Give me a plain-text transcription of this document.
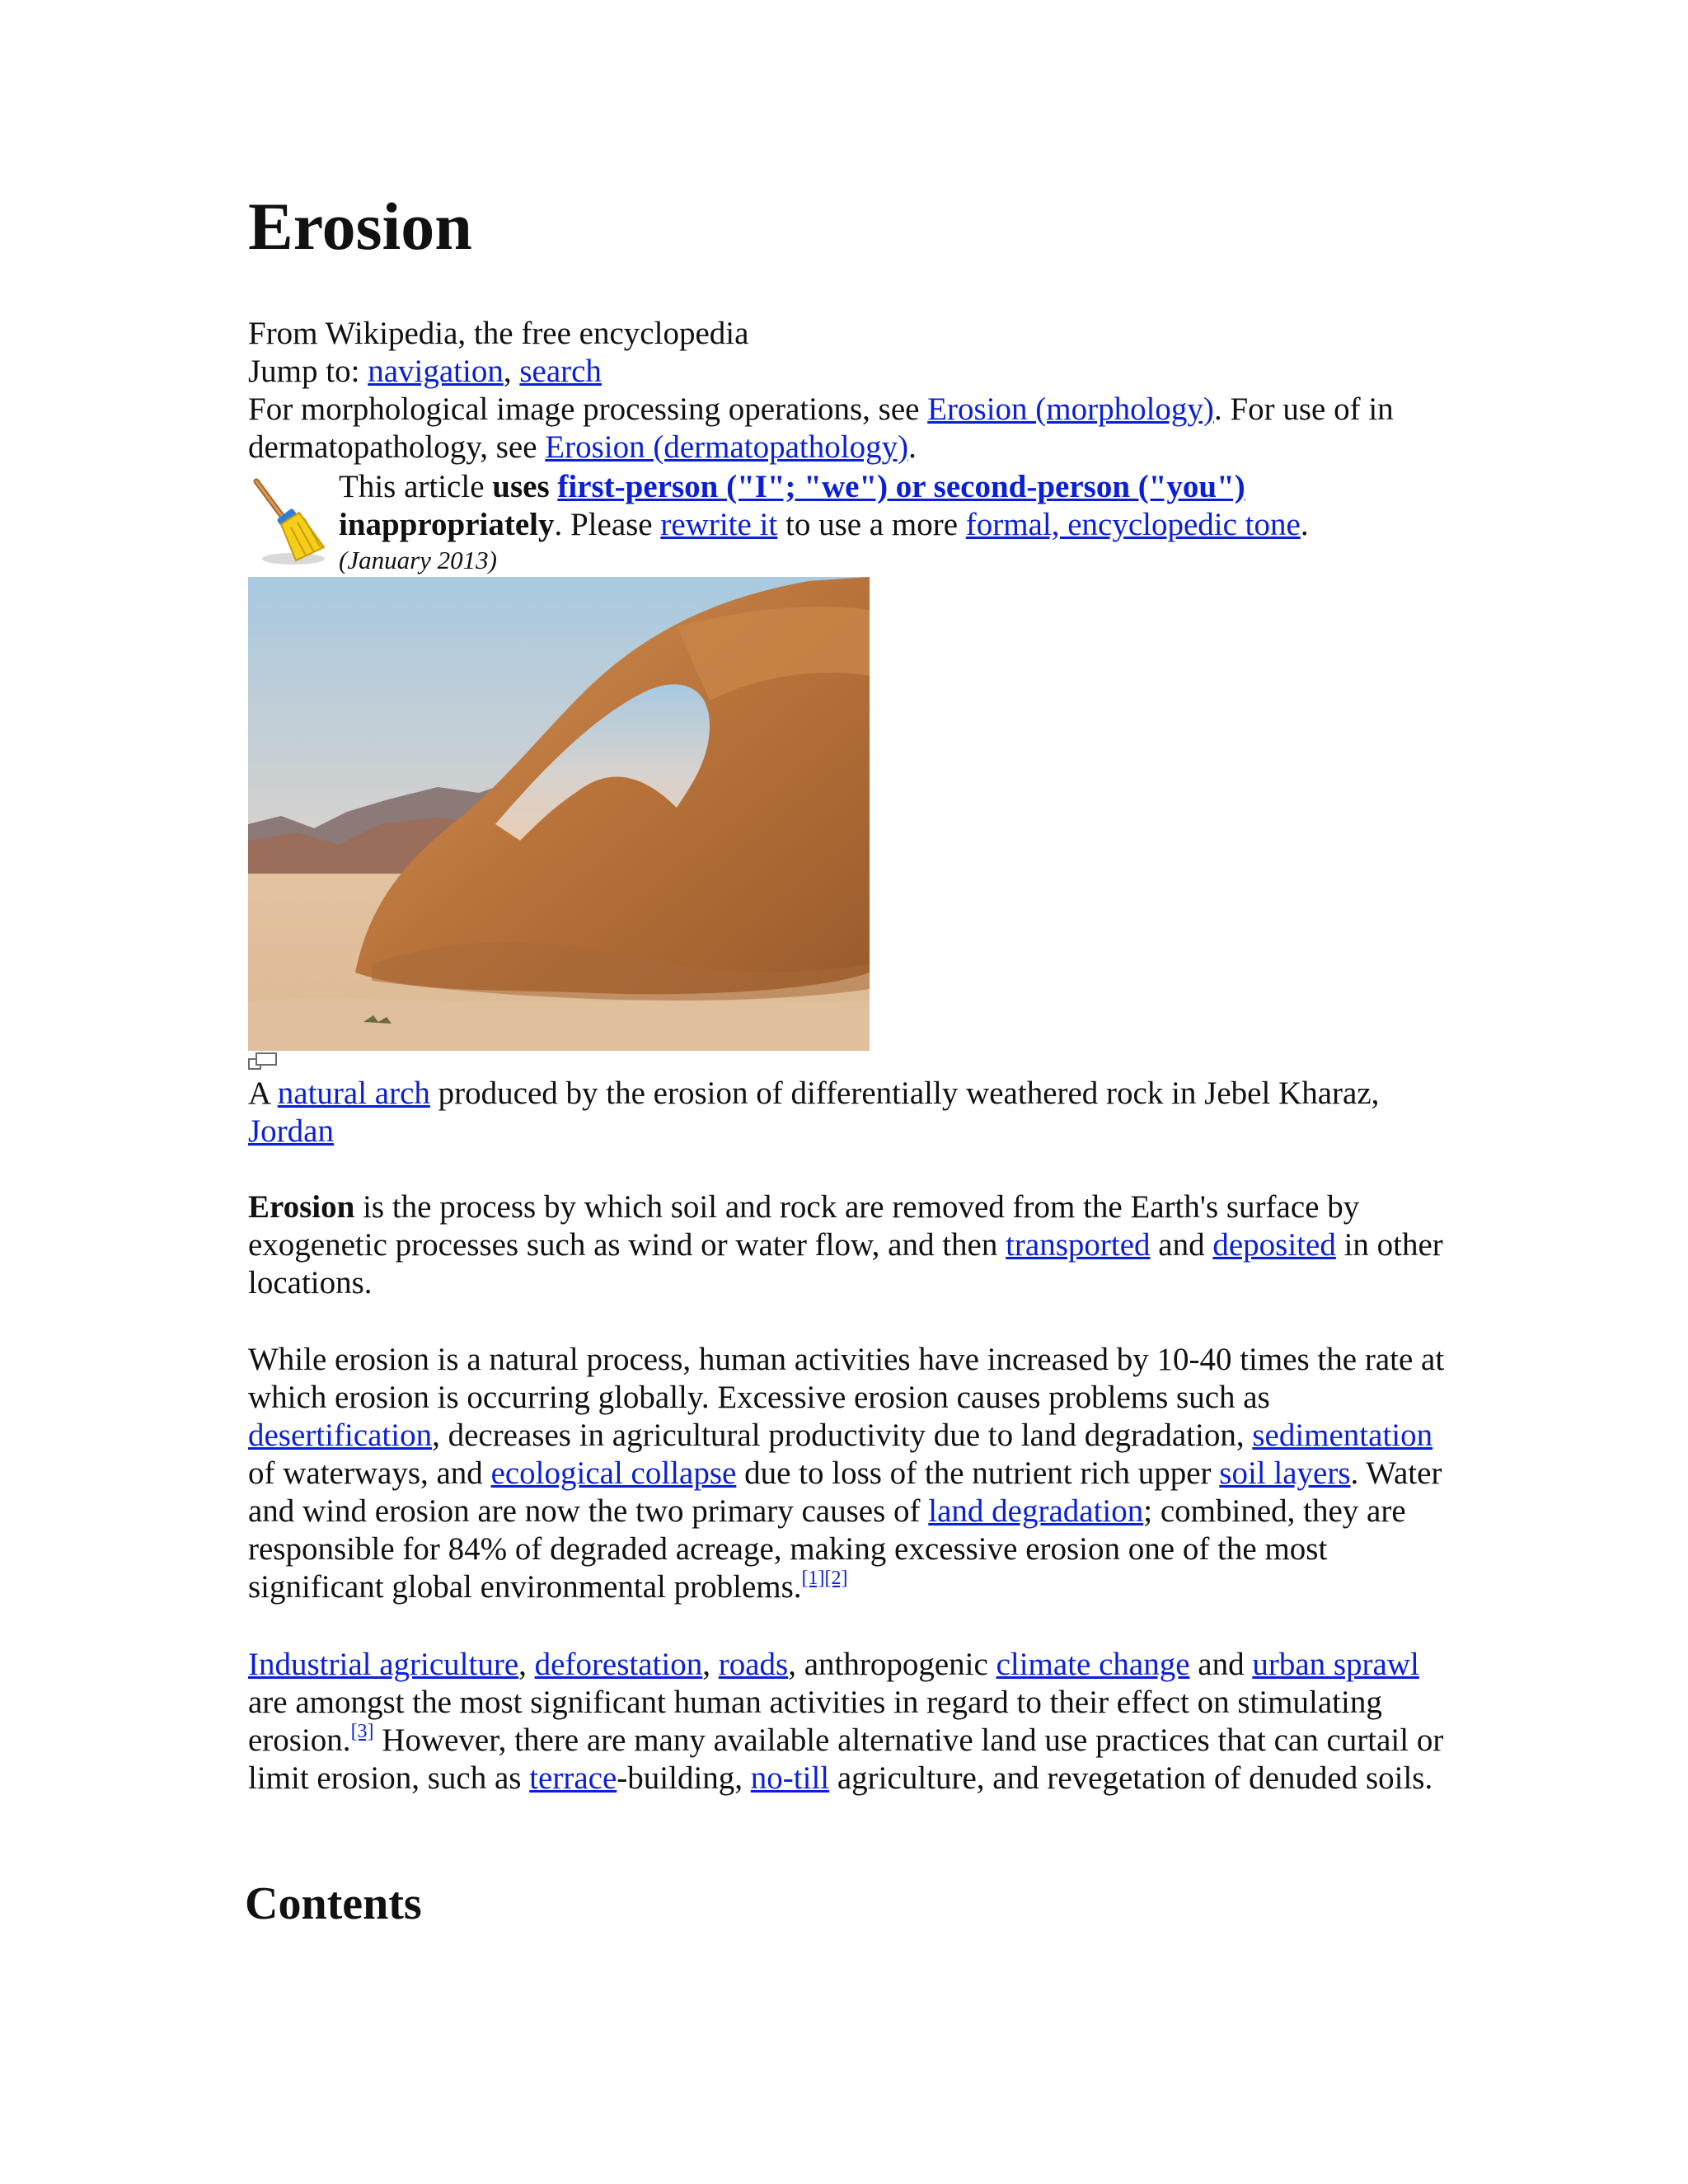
Erosion
From Wikipedia, the free encyclopedia
Jump to: navigation, search
For morphological image processing operations, see Erosion (morphology). For use of in
dermatopathology, see Erosion (dermatopathology).
This article uses first-person ("I"; "we") or second-person ("you")
inappropriately. Please rewrite it to use a more formal, encyclopedic tone.
(January 2013)
A natural arch produced by the erosion of differentially weathered rock in Jebel Kharaz,
Jordan

Erosion is the process by which soil and rock are removed from the Earth's surface by exogenetic processes such as wind or water flow, and then transported and deposited in other locations.

While erosion is a natural process, human activities have increased by 10-40 times the rate at which erosion is occurring globally. Excessive erosion causes problems such as desertification, decreases in agricultural productivity due to land degradation, sedimentation of waterways, and ecological collapse due to loss of the nutrient rich upper soil layers. Water and wind erosion are now the two primary causes of land degradation; combined, they are responsible for 84% of degraded acreage, making excessive erosion one of the most significant global environmental problems.[1][2]

Industrial agriculture, deforestation, roads, anthropogenic climate change and urban sprawl are amongst the most significant human activities in regard to their effect on stimulating erosion.[3] However, there are many available alternative land use practices that can curtail or limit erosion, such as terrace-building, no-till agriculture, and revegetation of denuded soils.

Contents
